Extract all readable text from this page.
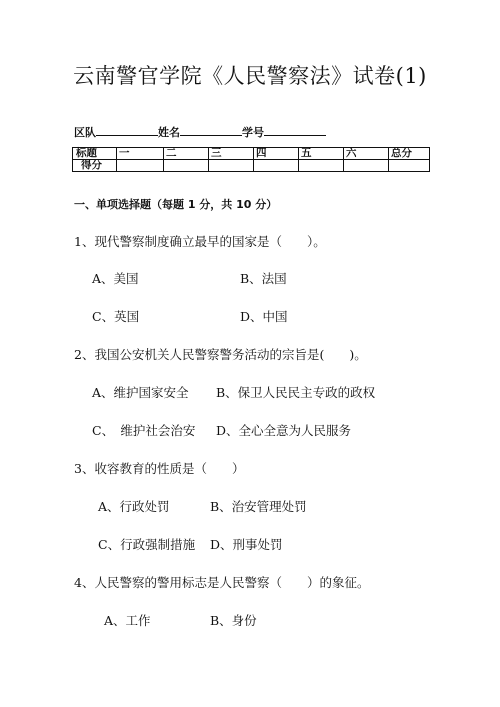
云南警官学院《人民警察法》试卷(1)
区队	姓名	学号
标题	一	二	三	四	五	六	总分
得分							
一、单项选择题（每题 1 分，共 10 分）
1、现代警察制度确立最早的国家是（　　）。
A、美国	B、法国
C、英国	D、中国
2、我国公安机关人民警察警务活动的宗旨是(　　)。
A、维护国家安全 B、保卫人民民主专政的政权
C、　维护社会治安 D、全心全意为人民服务
3、收容教育的性质是（　　）
A、行政处罚	B、治安管理处罚
C、行政强制措施 D、刑事处罚
4、人民警察的警用标志是人民警察（　　）的象征。
A、工作	B、身份
